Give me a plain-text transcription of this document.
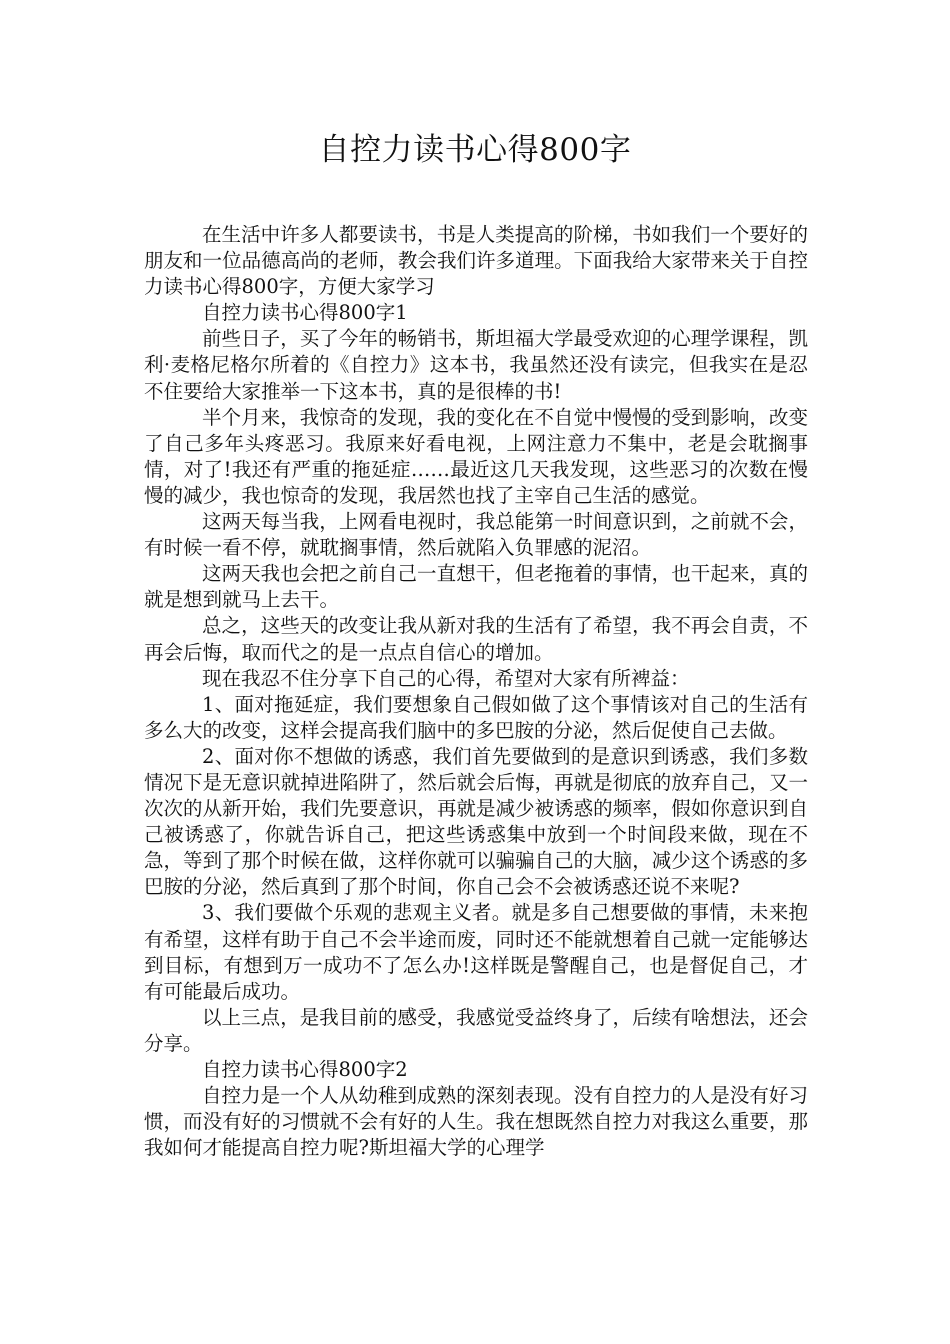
自控力读书心得800字

在生活中许多人都要读书，书是人类提高的阶梯，书如我们一个要好的朋友和一位品德高尚的老师，教会我们许多道理。下面我给大家带来关于自控力读书心得800字，方便大家学习

自控力读书心得800字1

前些日子，买了今年的畅销书，斯坦福大学最受欢迎的心理学课程，凯利·麦格尼格尔所着的《自控力》这本书，我虽然还没有读完，但我实在是忍不住要给大家推举一下这本书，真的是很棒的书!

半个月来，我惊奇的发现，我的变化在不自觉中慢慢的受到影响，改变了自己多年头疼恶习。我原来好看电视，上网注意力不集中，老是会耽搁事情，对了!我还有严重的拖延症……最近这几天我发现，这些恶习的次数在慢慢的减少，我也惊奇的发现，我居然也找了主宰自己生活的感觉。

这两天每当我，上网看电视时，我总能第一时间意识到，之前就不会，有时候一看不停，就耽搁事情，然后就陷入负罪感的泥沼。

这两天我也会把之前自己一直想干，但老拖着的事情，也干起来，真的就是想到就马上去干。

总之，这些天的改变让我从新对我的生活有了希望，我不再会自责，不再会后悔，取而代之的是一点点自信心的增加。

现在我忍不住分享下自己的心得，希望对大家有所裨益：

1、面对拖延症，我们要想象自己假如做了这个事情该对自己的生活有多么大的改变，这样会提高我们脑中的多巴胺的分泌，然后促使自己去做。

2、面对你不想做的诱惑，我们首先要做到的是意识到诱惑，我们多数情况下是无意识就掉进陷阱了，然后就会后悔，再就是彻底的放弃自己，又一次次的从新开始，我们先要意识，再就是减少被诱惑的频率，假如你意识到自己被诱惑了，你就告诉自己，把这些诱惑集中放到一个时间段来做，现在不急，等到了那个时候在做，这样你就可以骗骗自己的大脑，减少这个诱惑的多巴胺的分泌，然后真到了那个时间，你自己会不会被诱惑还说不来呢?

3、我们要做个乐观的悲观主义者。就是多自己想要做的事情，未来抱有希望，这样有助于自己不会半途而废，同时还不能就想着自己就一定能够达到目标，有想到万一成功不了怎么办!这样既是警醒自己，也是督促自己，才有可能最后成功。

以上三点，是我目前的感受，我感觉受益终身了，后续有啥想法，还会分享。

自控力读书心得800字2

自控力是一个人从幼稚到成熟的深刻表现。没有自控力的人是没有好习惯，而没有好的习惯就不会有好的人生。我在想既然自控力对我这么重要，那我如何才能提高自控力呢?斯坦福大学的心理学
